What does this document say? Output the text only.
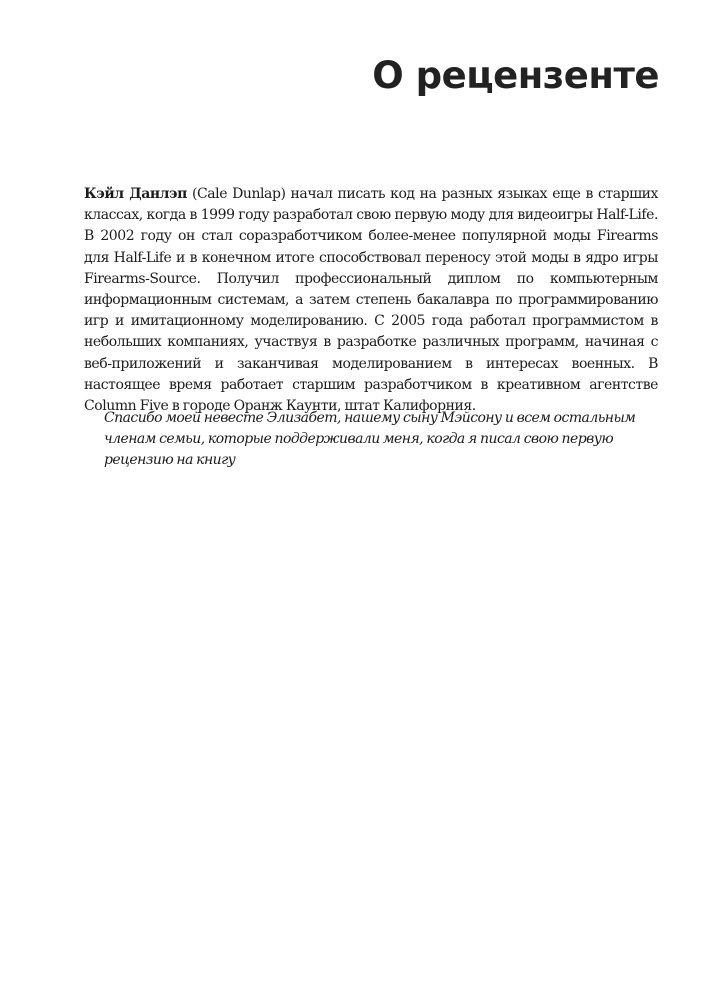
О рецензенте

Кэйл Данлэп (Cale Dunlap) начал писать код на разных языках еще в старших классах, когда в 1999 году разработал свою первую моду для видеоигры Half-Life. В 2002 году он стал соразработчиком более-менее популярной моды Firearms для Half-Life и в конечном итоге способствовал переносу этой моды в ядро игры Firearms-Source. Получил профессиональный диплом по компьютерным информационным системам, а затем степень бакалавра по программированию игр и имитационному моделированию. С 2005 года работал программистом в небольших компаниях, участвуя в разработке различных программ, начиная с веб-приложений и заканчивая моделированием в интересах военных. В настоящее время работает старшим разработчиком в креативном агентстве Column Five в городе Оранж Каунти, штат Калифорния.

Спасибо моей невесте Элизабет, нашему сыну Мэйсону и всем остальным членам семьи, которые поддерживали меня, когда я писал свою первую рецензию на книгу
